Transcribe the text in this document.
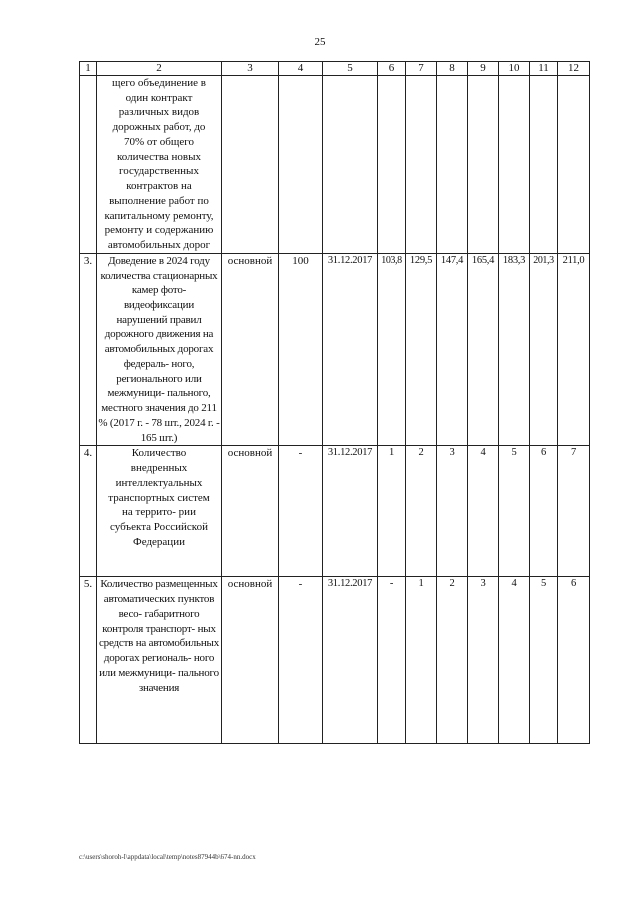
25
1	2	3	4	5	6	7	8	9	10	11	12
	щего объединение в один контракт различных видов дорожных работ, до 70% от общего количества новых государственных контрактов на выполнение работ по капитальному ремонту, ремонту и содержанию автомобильных дорог										
3.	Доведение в 2024 году количества стационарных камер фото- видеофиксации нарушений правил дорожного движения на автомобильных дорогах федераль- ного, регионального или межмуници- пального, местного значения до 211 % (2017 г. - 78 шт., 2024 г. - 165 шт.)	основной	100	31.12.2017	103,8	129,5	147,4	165,4	183,3	201,3	211,0
4.	Количество внедренных интеллектуальных транспортных систем на террито- рии субъекта Российской Федерации	основной	-	31.12.2017	1	2	3	4	5	6	7
5.	Количество размещенных автоматических пунктов весо- габаритного контроля транспорт- ных средств на автомобильных дорогах региональ- ного или межмуници- пального значения	основной	-	31.12.2017	-	1	2	3	4	5	6
c:\users\shoroh-l\appdata\local\temp\notes87944b\674-nn.docx
